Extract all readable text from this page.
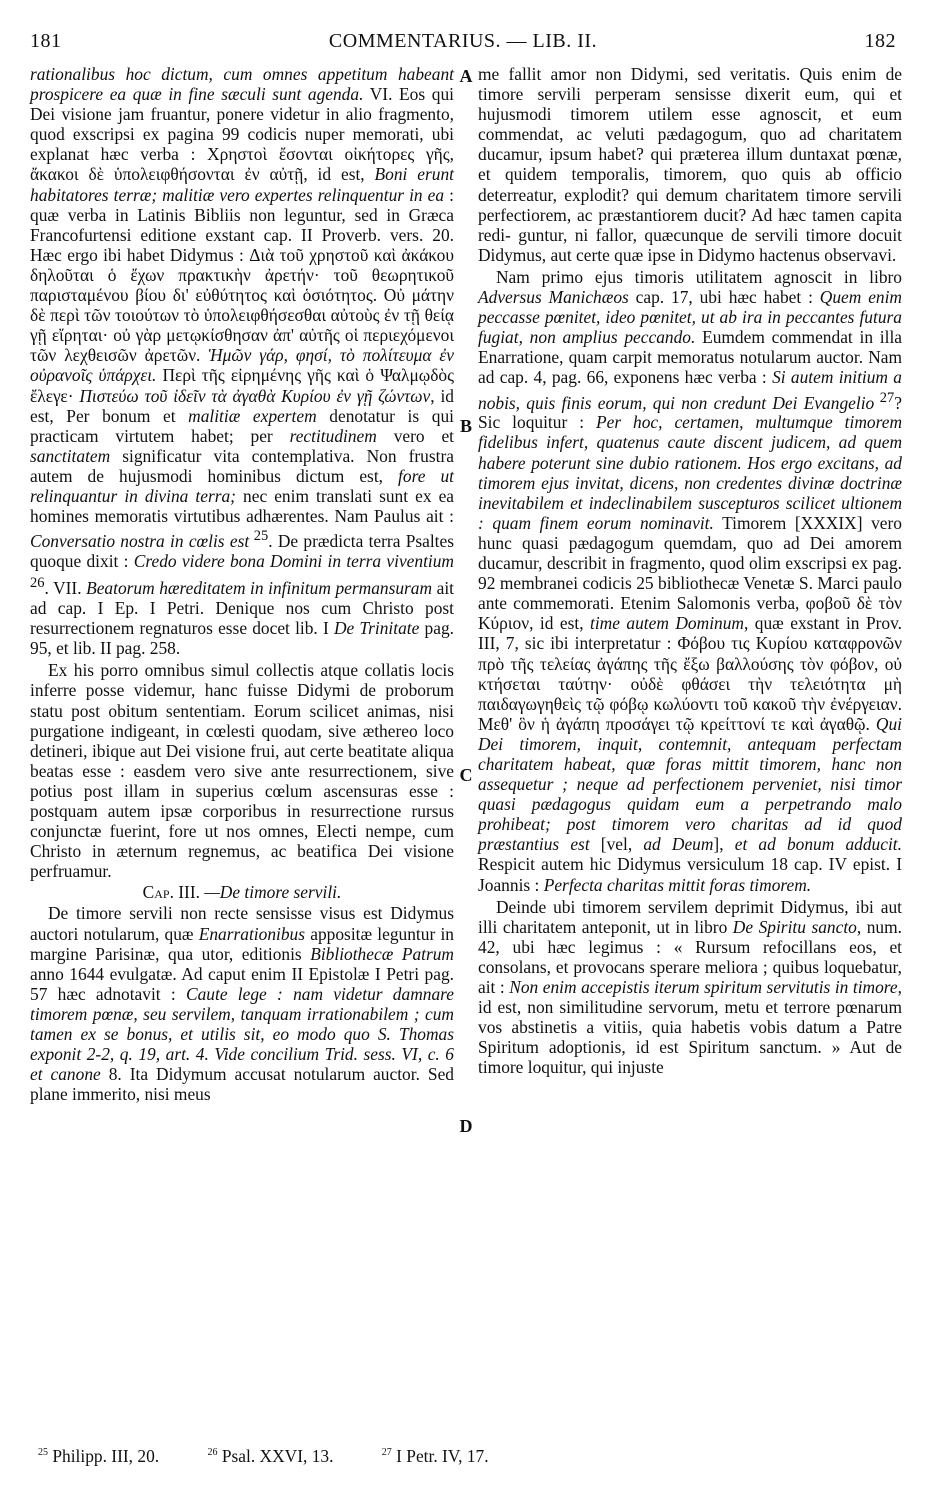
181	COMMENTARIUS. — LIB. II.	182

rationalibus hoc dictum, cum omnes appetitum habeant prospicere ea quæ in fine sæculi sunt agenda. VI. Eos qui Dei visione jam fruantur, ponere videtur in alio fragmento, quod exscripsi ex pagina 99 codicis nuper memorati, ubi explanat hæc verba : Χρηστοὶ ἔσονται οἰκήτορες γῆς, ἄκακοι δὲ ὑπολειφθήσονται ἐν αὐτῇ, id est, Boni erunt habitatores terræ; malitiæ vero expertes relinquentur in ea : quæ verba in Latinis Bibliis non leguntur, sed in Græca Francofurtensi editione exstant cap. II Proverb. vers. 20. Hæc ergo ibi habet Didymus : Διὰ τοῦ χρηστοῦ καὶ ἀκάκου δηλοῦται ὁ ἔχων πρακτικὴν ἀρετήν· τοῦ θεωρητικοῦ παρισταμένου βίου δι' εὐθύτητος καὶ ὁσιότητος. Οὐ μάτην δὲ περὶ τῶν τοιούτων τὸ ὑπολειφθήσεσθαι αὐτοὺς ἐν τῇ θείᾳ γῇ εἴρηται· οὐ γὰρ μετῳκίσθησαν ἀπ' αὐτῆς οἱ περιεχόμενοι τῶν λεχθεισῶν ἀρετῶν. Ἡμῶν γάρ, φησί, τὸ πολίτευμα ἐν οὐρανοῖς ὑπάρχει. Περὶ τῆς εἰρημένης γῆς καὶ ὁ Ψαλμῳδὸς ἔλεγε· Πιστεύω τοῦ ἰδεῖν τὰ ἀγαθὰ Κυρίου ἐν γῇ ζώντων, id est, Per bonum et malitiæ expertem denotatur is qui practicam virtutem habet; per rectitudinem vero et sanctitatem significatur vita contemplativa. Non frustra autem de hujusmodi hominibus dictum est, fore ut relinquantur in divina terra; nec enim translati sunt ex ea homines memoratis virtutibus adhærentes. Nam Paulus ait : Conversatio nostra in cœlis est $^{25}$. De prædicta terra Psaltes quoque dixit : Credo videre bona Domini in terra viventium $^{26}$. VII. Beatorum hæreditatem in infinitum permansuram ait ad cap. I Ep. I Petri. Denique nos cum Christo post resurrectionem regnaturos esse docet lib. I De Trinitate pag. 95, et lib. II pag. 258.

Ex his porro omnibus simul collectis atque collatis locis inferre posse videmur, hanc fuisse Didymi de proborum statu post obitum sententiam. Eorum scilicet animas, nisi purgatione indigeant, in cœlesti quodam, sive æthereo loco detineri, ibique aut Dei visione frui, aut certe beatitate aliqua beatas esse : easdem vero sive ante resurrectionem, sive potius post illam in superius cœlum ascensuras esse : postquam autem ipsæ corporibus in resurrectione rursus conjunctæ fuerint, fore ut nos omnes, Electi nempe, cum Christo in æternum regnemus, ac beatifica Dei visione perfruamur.

Cap. III. —De timore servili.

De timore servili non recte sensisse visus est Didymus auctori notularum, quæ Enarrationibus appositæ leguntur in margine Parisinæ, qua utor, editionis Bibliothecæ Patrum anno 1644 evulgatæ. Ad caput enim II Epistolæ I Petri pag. 57 hæc adnotavit : Caute lege : nam videtur damnare timorem pœnæ, seu servilem, tanquam irrationabilem ; cum tamen ex se bonus, et utilis sit, eo modo quo S. Thomas exponit 2-2, q. 19, art. 4. Vide concilium Trid. sess. VI, c. 6 et canone 8. Ita Didymum accusat notularum auctor. Sed plane immerito, nisi meus

A
B
C
D

me fallit amor non Didymi, sed veritatis. Quis enim de timore servili perperam sensisse dixerit eum, qui et hujusmodi timorem utilem esse agnoscit, et eum commendat, ac veluti pædagogum, quo ad charitatem ducamur, ipsum habet? qui præterea illum duntaxat pœnæ, et quidem temporalis, timorem, quo quis ab officio deterreatur, explodit? qui demum charitatem timore servili perfectiorem, ac præstantiorem ducit? Ad hæc tamen capita redi- guntur, ni fallor, quæcunque de servili timore docuit Didymus, aut certe quæ ipse in Didymo hactenus observavi.

Nam primo ejus timoris utilitatem agnoscit in libro Adversus Manichæos cap. 17, ubi hæc habet : Quem enim peccasse pœnitet, ideo pœnitet, ut ab ira in peccantes futura fugiat, non amplius peccando. Eumdem commendat in illa Enarratione, quam carpit memoratus notularum auctor. Nam ad cap. 4, pag. 66, exponens hæc verba : Si autem initium a nobis, quis finis eorum, qui non credunt Dei Evangelio $^{27}$? Sic loquitur : Per hoc, certamen, multumque timorem fidelibus infert, quatenus caute discent judicem, ad quem habere poterunt sine dubio rationem. Hos ergo excitans, ad timorem ejus invitat, dicens, non credentes divinæ doctrinæ inevitabilem et indeclinabilem suscepturos scilicet ultionem : quam finem eorum nominavit. Timorem [XXXIX] vero hunc quasi pædagogum quemdam, quo ad Dei amorem ducamur, describit in fragmento, quod olim exscripsi ex pag. 92 membranei codicis 25 bibliothecæ Venetæ S. Marci paulo ante commemorati. Etenim Salomonis verba, φοβοῦ δὲ τὸν Κύριον, id est, time autem Dominum, quæ exstant in Prov. III, 7, sic ibi interpretatur : Φόβου τις Κυρίου καταφρονῶν πρὸ τῆς τελείας ἀγάπης τῆς ἔξω βαλλούσης τὸν φόβον, οὐ κτήσεται ταύτην· οὐδὲ φθάσει τὴν τελειότητα μὴ παιδαγωγηθεὶς τῷ φόβῳ κωλύοντι τοῦ κακοῦ τὴν ἐνέργειαν. Μεθ' ὃν ἡ ἀγάπη προσάγει τῷ κρείττονί τε καὶ ἀγαθῷ. Qui Dei timorem, inquit, contemnit, antequam perfectam charitatem habeat, quæ foras mittit timorem, hanc non assequetur ; neque ad perfectionem perveniet, nisi timor quasi pædagogus quidam eum a perpetrando malo prohibeat; post timorem vero charitas ad id quod præstantius est [vel, ad Deum], et ad bonum adducit. Respicit autem hic Didymus versiculum 18 cap. IV epist. I Joannis : Perfecta charitas mittit foras timorem.

Deinde ubi timorem servilem deprimit Didymus, ibi aut illi charitatem anteponit, ut in libro De Spiritu sancto, num. 42, ubi hæc legimus : « Rursum refocillans eos, et consolans, et provocans sperare meliora ; quibus loquebatur, ait : Non enim accepistis iterum spiritum servitutis in timore, id est, non similitudine servorum, metu et terrore pœnarum vos abstinetis a vitiis, quia habetis vobis datum a Patre Spiritum adoptionis, id est Spiritum sanctum. » Aut de timore loquitur, qui injuste

$^{25}$ Philipp. III, 20.	$^{26}$ Psal. XXVI, 13.	$^{27}$ I Petr. IV, 17.
